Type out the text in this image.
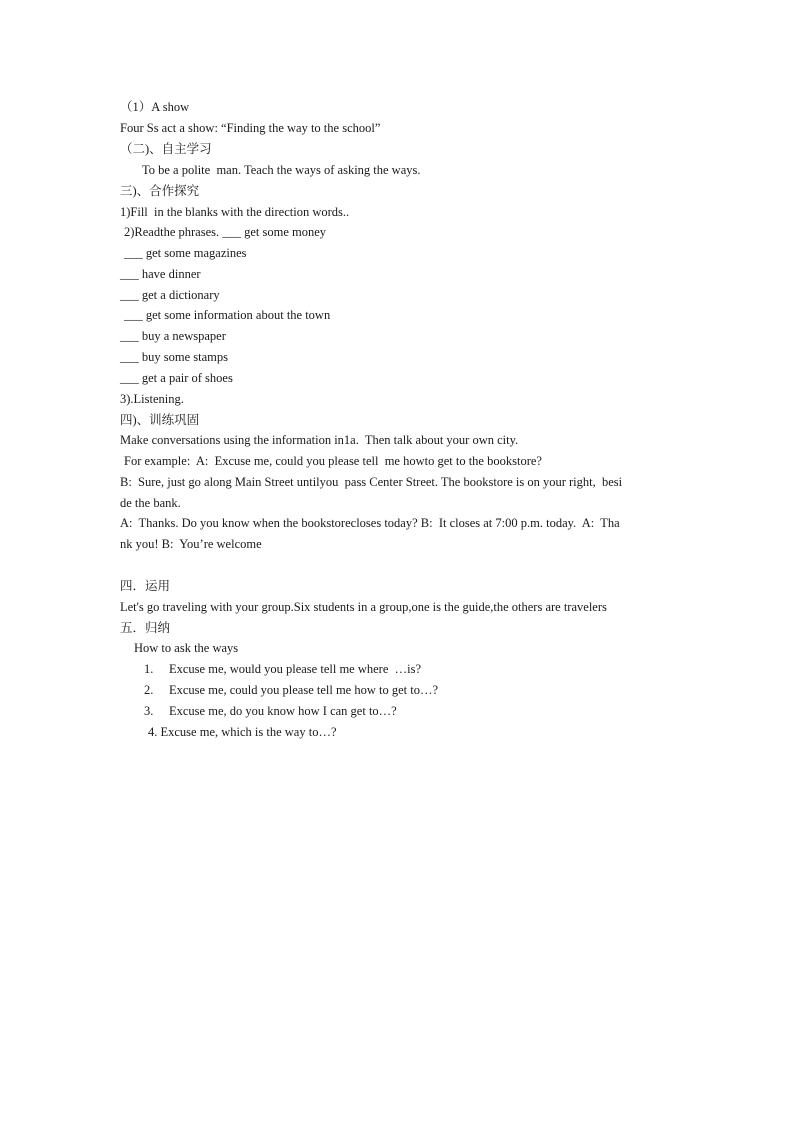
（1）A show
Four Ss act a show: “Finding the way to the school”
（二)、自主学习
To be a polite  man. Teach the ways of asking the ways.
三)、合作探究
1)Fill  in the blanks with the direction words..
2)Readthe phrases. ___ get some money
___ get some magazines
___ have dinner
___ get a dictionary
___ get some information about the town
___ buy a newspaper
___ buy some stamps
___ get a pair of shoes
3).Listening.
四)、训练巩固
Make conversations using the information in1a.  Then talk about your own city.
For example:  A:  Excuse me, could you please tell  me howto get to the bookstore?
B:  Sure, just go along Main Street untilyou  pass Center Street. The bookstore is on your right,  besi
de the bank.
A:  Thanks. Do you know when the bookstorecloses today? B:  It closes at 7:00 p.m. today.  A:  Tha
nk you! B:  You’re welcome
四．运用
Let's go traveling with your group.Six students in a group,one is the guide,the others are travelers
五．归纳
How to ask the ways
1.     Excuse me, would you please tell me where  …is?
2.     Excuse me, could you please tell me how to get to…?
3.     Excuse me, do you know how I can get to…?
4. Excuse me, which is the way to…?
